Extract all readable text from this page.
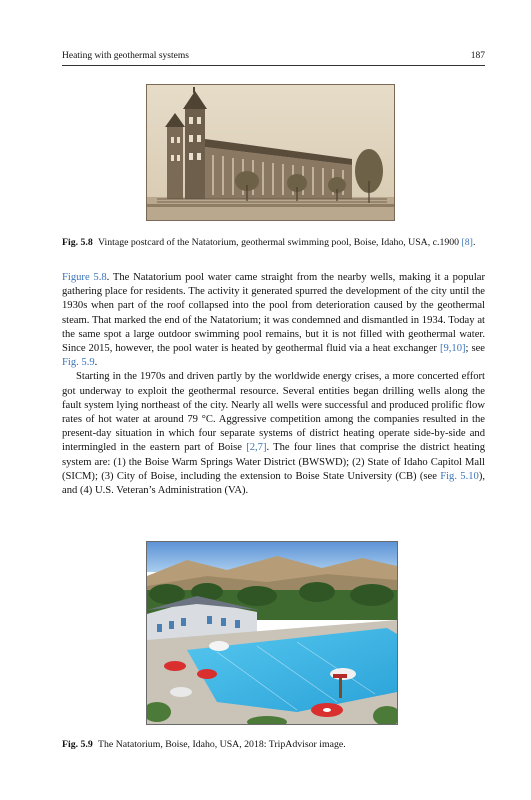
Heating with geothermal systems	187
Fig. 5.8 Vintage postcard of the Natatorium, geothermal swimming pool, Boise, Idaho, USA, c.1900 [8].

Figure 5.8. The Natatorium pool water came straight from the nearby wells, making it a popular gathering place for residents. The activity it generated spurred the development of the city until the 1930s when part of the roof collapsed into the pool from deterioration caused by the geothermal steam. That marked the end of the Natatorium; it was condemned and dismantled in 1934. Today at the same spot a large outdoor swimming pool remains, but it is not filled with geothermal water. Since 2015, however, the pool water is heated by geothermal fluid via a heat exchanger [9,10]; see Fig. 5.9.

Starting in the 1970s and driven partly by the worldwide energy crises, a more concerted effort got underway to exploit the geothermal resource. Several entities began drilling wells along the fault system lying northeast of the city. Nearly all wells were successful and produced prolific flow rates of hot water at around 79 °C. Aggressive competition among the companies resulted in the present-day situation in which four separate systems of district heating operate side-by-side and intermingled in the eastern part of Boise [2,7]. The four lines that comprise the district heating system are: (1) the Boise Warm Springs Water District (BWSWD); (2) State of Idaho Capitol Mall (SICM); (3) City of Boise, including the extension to Boise State University (CB) (see Fig. 5.10), and (4) U.S. Veteran’s Administration (VA).

Fig. 5.9 The Natatorium, Boise, Idaho, USA, 2018: TripAdvisor image.
